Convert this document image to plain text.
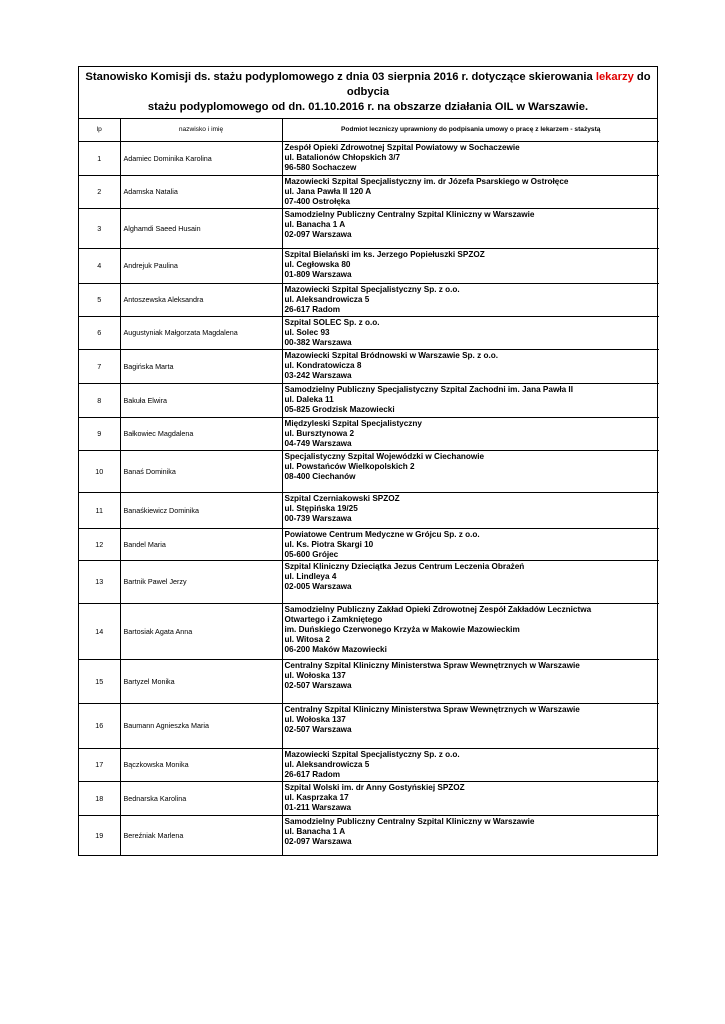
Stanowisko Komisji ds. stażu podyplomowego z dnia 03 sierpnia 2016 r. dotyczące skierowania lekarzy do odbycia
stażu podyplomowego od dn. 01.10.2016 r. na obszarze działania OIL w Warszawie.
lp	nazwisko i imię	Podmiot leczniczy uprawniony do podpisania umowy o pracę z lekarzem - stażystą
1	Adamiec Dominika Karolina	Zespół Opieki Zdrowotnej Szpital Powiatowy w Sochaczewie
ul. Batalionów Chłopskich 3/7
96-580 Sochaczew

2	Adamska Natalia	Mazowiecki Szpital Specjalistyczny im. dr Józefa Psarskiego w Ostrołęce
ul. Jana Pawła II 120 A
07-400 Ostrołęka

3	Alghamdi Saeed Husain	Samodzielny Publiczny Centralny Szpital Kliniczny w Warszawie
ul. Banacha 1 A
02-097 Warszawa

4	Andrejuk Paulina	Szpital Bielański im ks. Jerzego Popiełuszki SPZOZ
ul. Cegłowska 80
01-809 Warszawa

5	Antoszewska Aleksandra	Mazowiecki Szpital Specjalistyczny Sp. z o.o.
ul. Aleksandrowicza 5
26-617 Radom

6	Augustyniak Małgorzata Magdalena	Szpital SOLEC Sp. z o.o.
ul. Solec 93
00-382 Warszawa

7	Bagińska Marta	Mazowiecki Szpital Bródnowski w Warszawie Sp. z o.o.
ul. Kondratowicza 8
03-242 Warszawa

8	Bakuła Elwira	Samodzielny Publiczny Specjalistyczny Szpital Zachodni im. Jana Pawła II
ul. Daleka 11
05-825 Grodzisk Mazowiecki

9	Bałkowiec Magdalena	Międzyleski Szpital Specjalistyczny
ul. Bursztynowa 2
04-749 Warszawa

10	Banaś Dominika	Specjalistyczny Szpital Wojewódzki w Ciechanowie
ul. Powstańców Wielkopolskich 2
08-400 Ciechanów

11	Banaśkiewicz Dominika	Szpital Czerniakowski SPZOZ
ul. Stępińska 19/25
00-739 Warszawa

12	Bandel Maria	Powiatowe Centrum Medyczne w Grójcu Sp. z o.o.
ul. Ks. Piotra Skargi 10
05-600 Grójec

13	Bartnik Pawel Jerzy	Szpital Kliniczny Dzieciątka Jezus Centrum Leczenia Obrażeń
ul. Lindleya 4
02-005 Warszawa

14	Bartosiak Agata Anna	Samodzielny Publiczny Zakład Opieki Zdrowotnej Zespół Zakładów Lecznictwa
Otwartego i Zamkniętego
im. Duńskiego Czerwonego Krzyża w Makowie Mazowieckim
ul. Witosa 2
06-200 Maków Mazowiecki

15	Bartyzel Monika	Centralny Szpital Kliniczny Ministerstwa Spraw Wewnętrznych w Warszawie
ul. Wołoska 137
02-507 Warszawa

16	Baumann Agnieszka Maria	Centralny Szpital Kliniczny Ministerstwa Spraw Wewnętrznych w Warszawie
ul. Wołoska 137
02-507 Warszawa

17	Bączkowska Monika	Mazowiecki Szpital Specjalistyczny Sp. z o.o.
ul. Aleksandrowicza 5
26-617 Radom

18	Bednarska Karolina	Szpital Wolski im. dr Anny Gostyńskiej SPZOZ
ul. Kasprzaka 17
01-211 Warszawa

19	Bereźniak Marlena	Samodzielny Publiczny Centralny Szpital Kliniczny w Warszawie
ul. Banacha 1 A
02-097 Warszawa
